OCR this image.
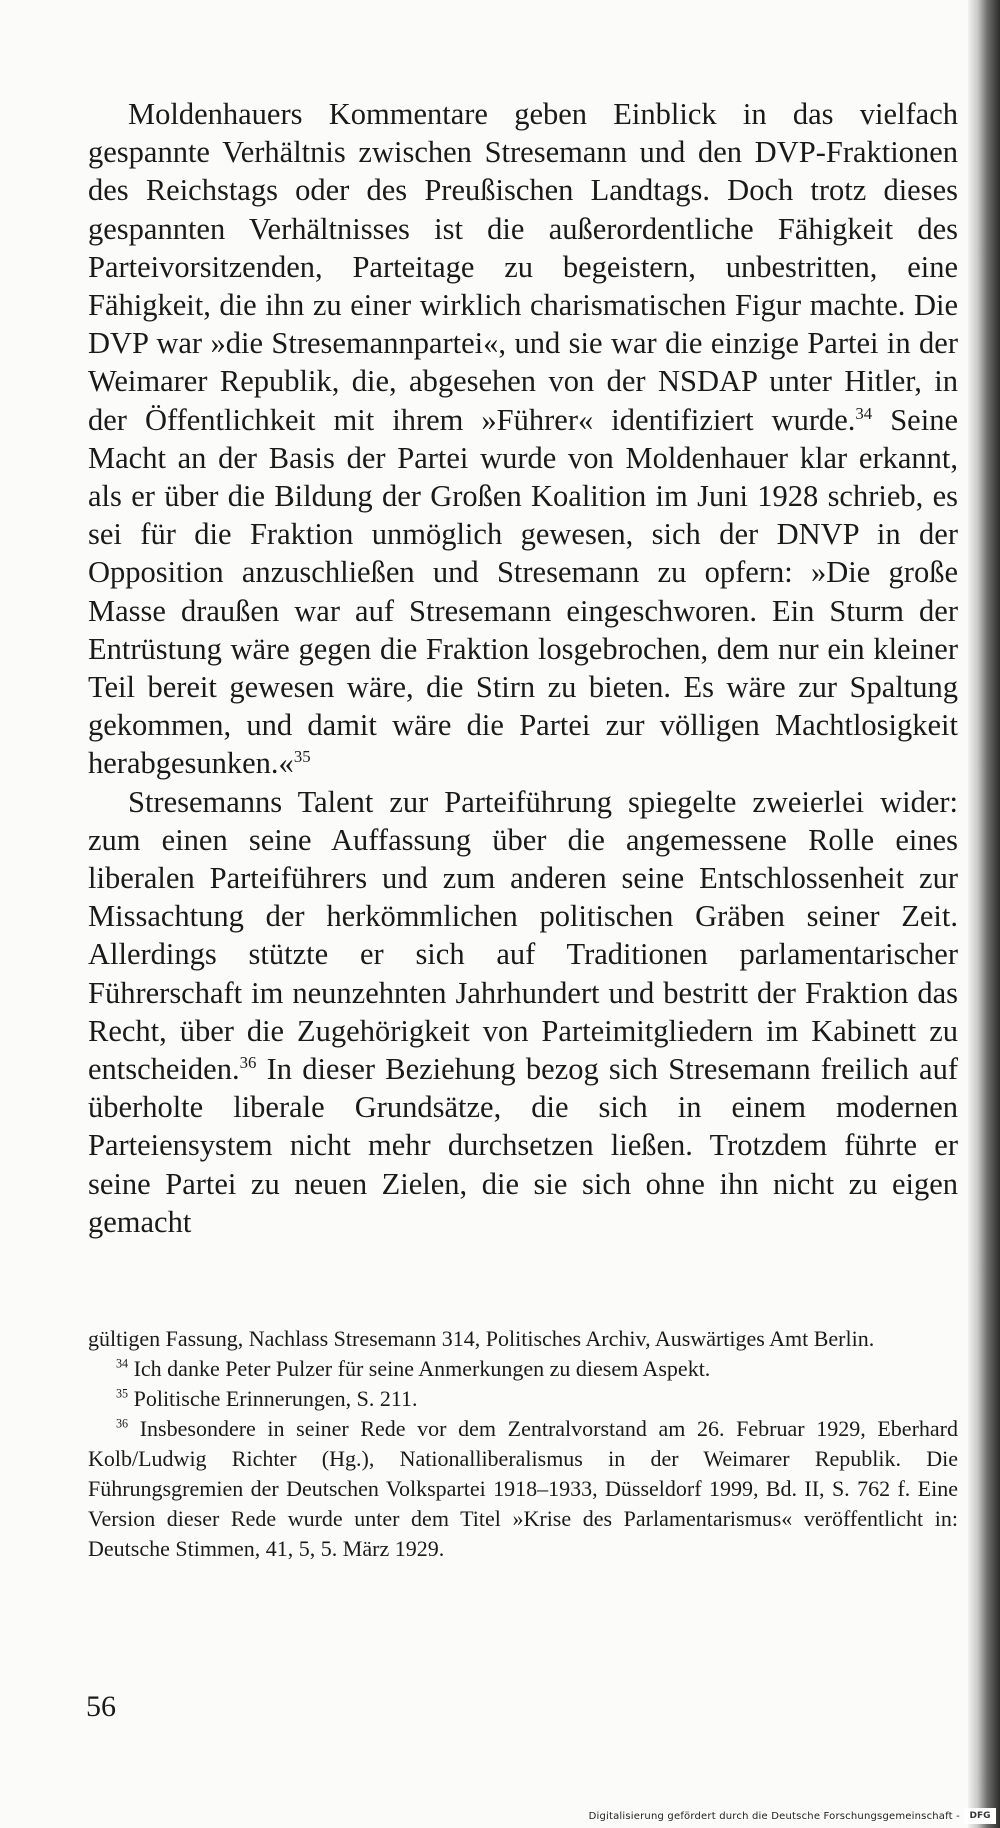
Moldenhauers Kommentare geben Einblick in das vielfach gespannte Verhältnis zwischen Stresemann und den DVP-Fraktionen des Reichstags oder des Preußischen Landtags. Doch trotz dieses gespannten Verhältnisses ist die außerordentliche Fähigkeit des Parteivorsitzenden, Parteitage zu begeistern, unbestritten, eine Fähigkeit, die ihn zu einer wirklich charismatischen Figur machte. Die DVP war »die Stresemannpartei«, und sie war die einzige Partei in der Weimarer Republik, die, abgesehen von der NSDAP unter Hitler, in der Öffentlichkeit mit ihrem »Führer« identifiziert wurde.$^{34}$ Seine Macht an der Basis der Partei wurde von Moldenhauer klar erkannt, als er über die Bildung der Großen Koalition im Juni 1928 schrieb, es sei für die Fraktion unmöglich gewesen, sich der DNVP in der Opposition anzuschließen und Stresemann zu opfern: »Die große Masse draußen war auf Stresemann eingeschworen. Ein Sturm der Entrüstung wäre gegen die Fraktion losgebrochen, dem nur ein kleiner Teil bereit gewesen wäre, die Stirn zu bieten. Es wäre zur Spaltung gekommen, und damit wäre die Partei zur völligen Machtlosigkeit herabgesunken.«$^{35}$

Stresemanns Talent zur Parteiführung spiegelte zweierlei wider: zum einen seine Auffassung über die angemessene Rolle eines liberalen Parteiführers und zum anderen seine Entschlossenheit zur Missachtung der herkömmlichen politischen Gräben seiner Zeit. Allerdings stützte er sich auf Traditionen parlamentarischer Führerschaft im neunzehnten Jahrhundert und bestritt der Fraktion das Recht, über die Zugehörigkeit von Parteimitgliedern im Kabinett zu entscheiden.$^{36}$ In dieser Beziehung bezog sich Stresemann freilich auf überholte liberale Grundsätze, die sich in einem modernen Parteiensystem nicht mehr durchsetzen ließen. Trotzdem führte er seine Partei zu neuen Zielen, die sie sich ohne ihn nicht zu eigen gemacht

gültigen Fassung, Nachlass Stresemann 314, Politisches Archiv, Auswärtiges Amt Berlin.

$^{34}$ Ich danke Peter Pulzer für seine Anmerkungen zu diesem Aspekt.

$^{35}$ Politische Erinnerungen, S. 211.

$^{36}$ Insbesondere in seiner Rede vor dem Zentralvorstand am 26. Februar 1929, Eberhard Kolb/Ludwig Richter (Hg.), Nationalliberalismus in der Weimarer Republik. Die Führungsgremien der Deutschen Volkspartei 1918–1933, Düsseldorf 1999, Bd. II, S. 762 f. Eine Version dieser Rede wurde unter dem Titel »Krise des Parlamentarismus« veröffentlicht in: Deutsche Stimmen, 41, 5, 5. März 1929.

56
Digitalisierung gefördert durch die Deutsche Forschungsgemeinschaft -	DFG
